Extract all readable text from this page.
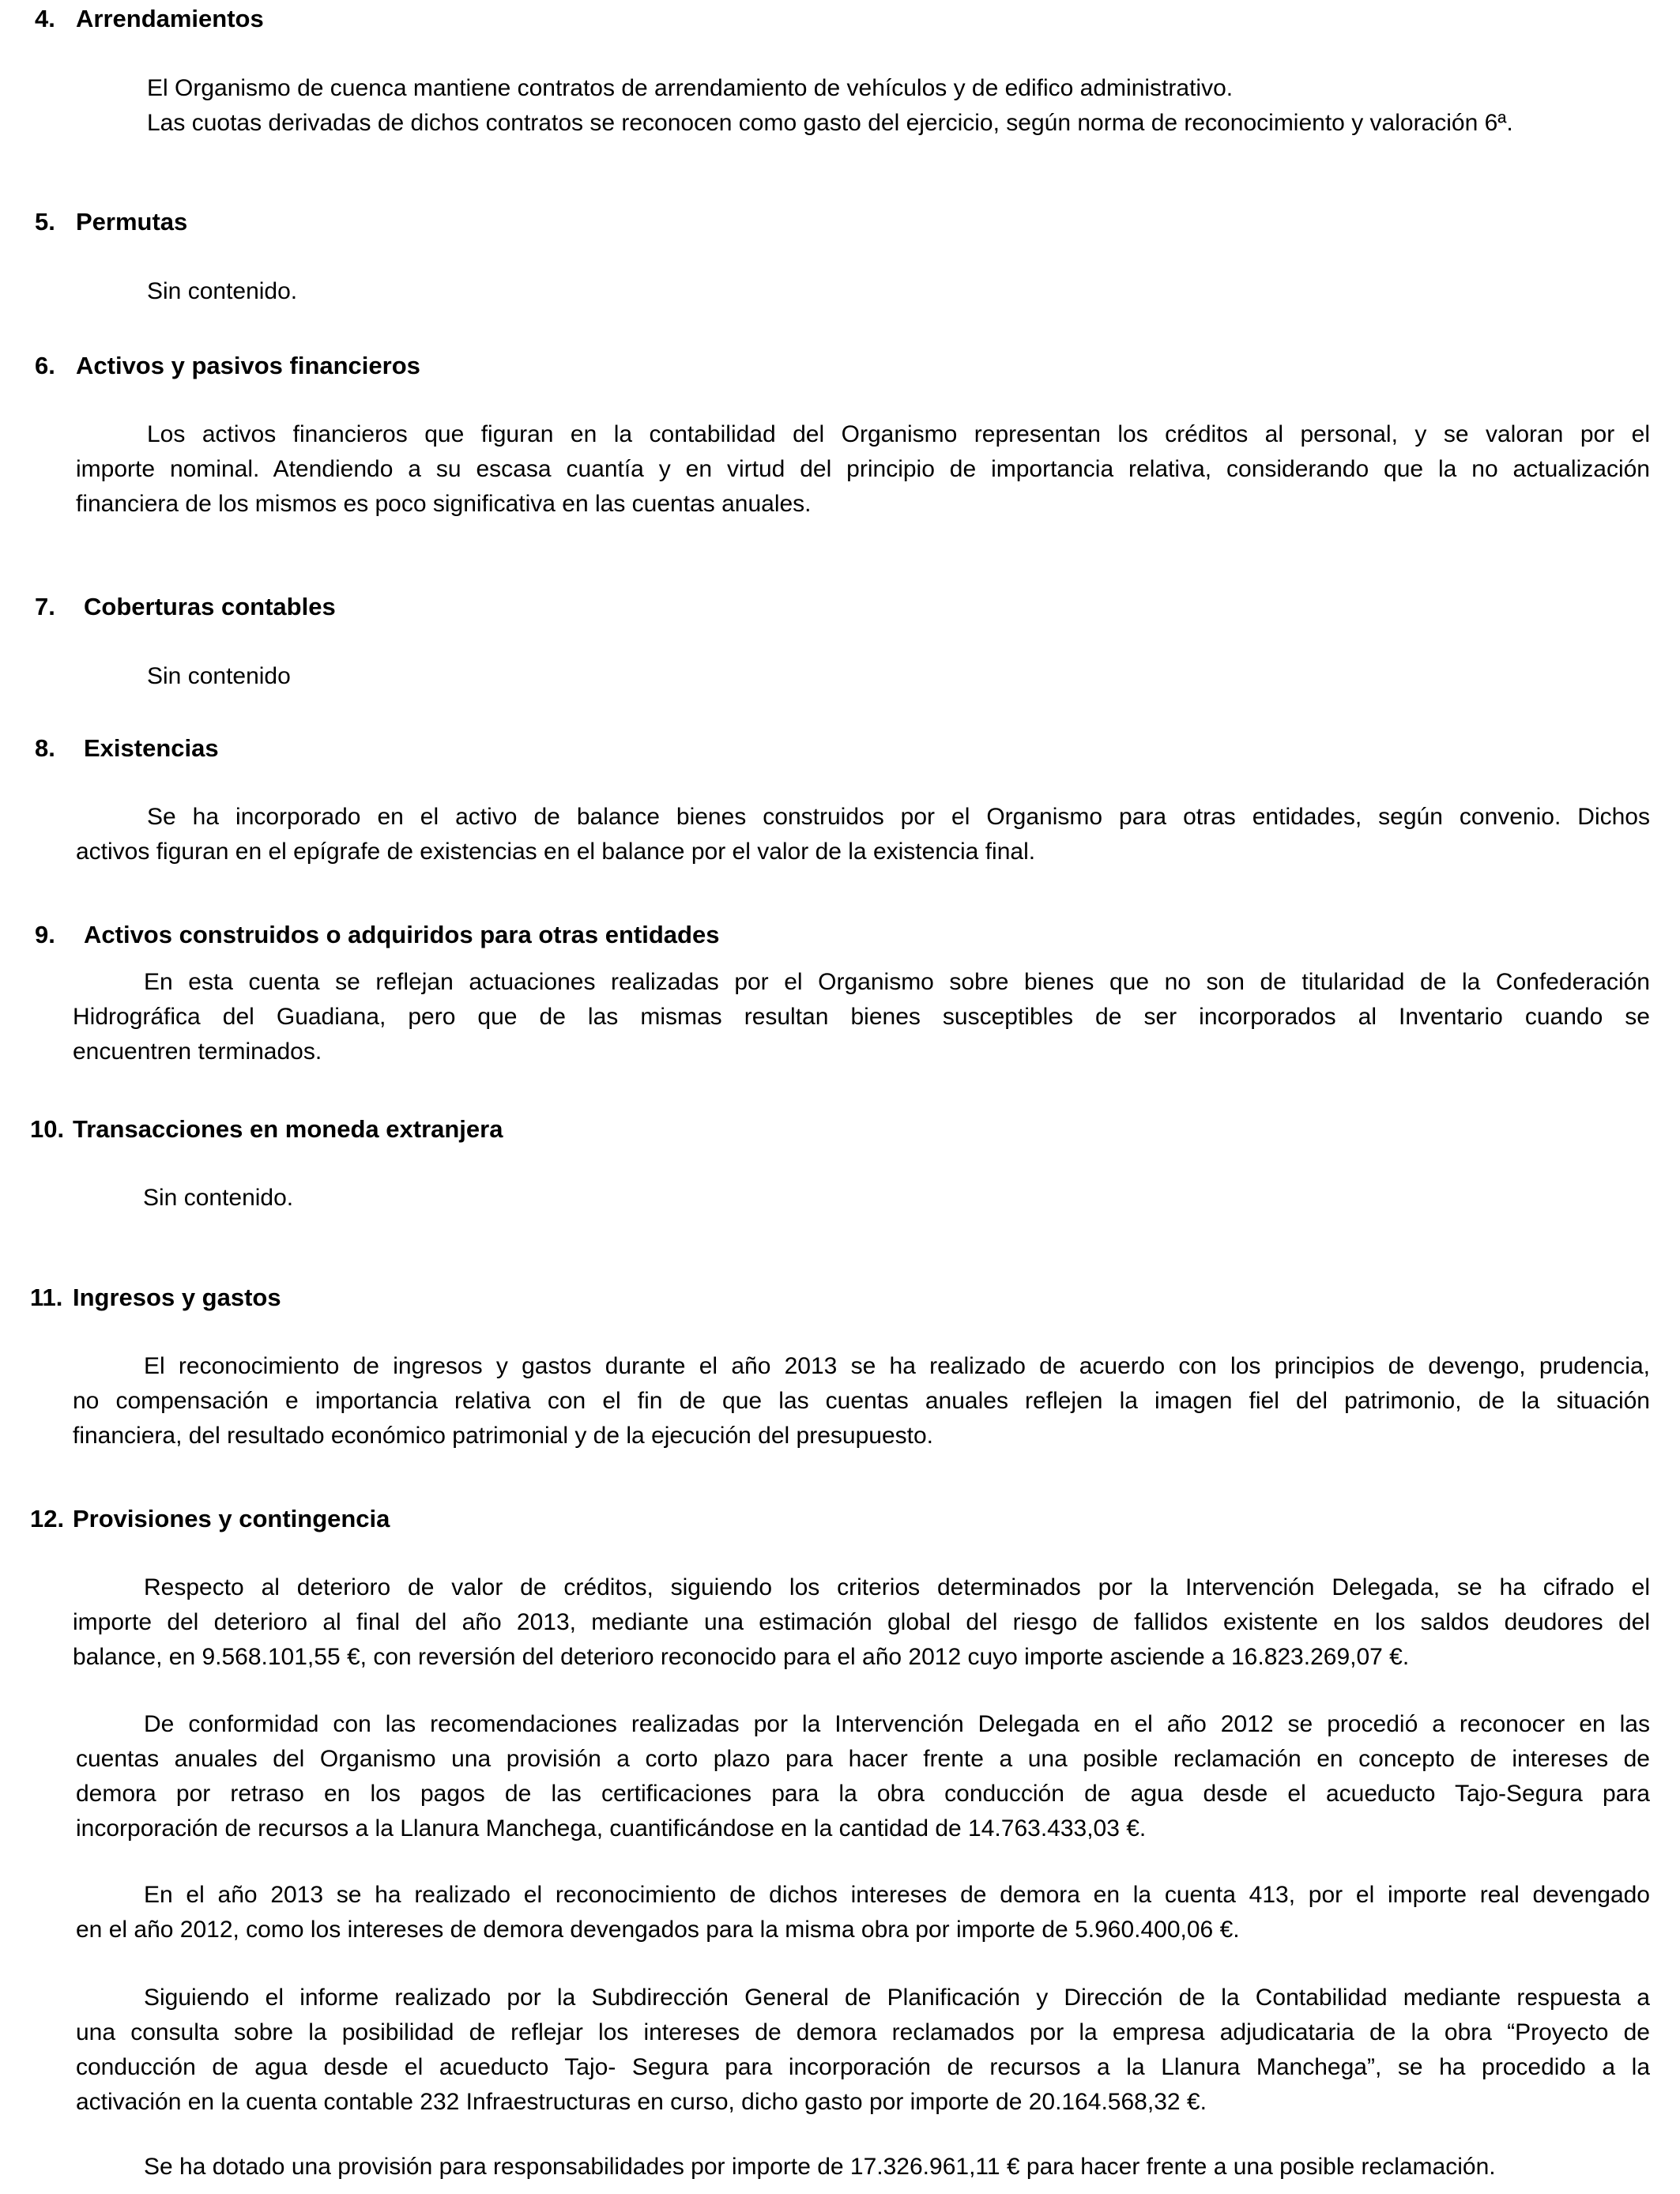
4. Arrendamientos
El Organismo de cuenca mantiene contratos de arrendamiento de vehículos y de edifico administrativo.
Las cuotas derivadas de dichos contratos se reconocen como gasto del ejercicio, según norma de reconocimiento y valoración 6ª.
5. Permutas
Sin contenido.
6. Activos y pasivos financieros
Los activos financieros que figuran en la contabilidad del Organismo representan los créditos al personal, y se valoran por el
importe nominal. Atendiendo a su escasa cuantía y en virtud del principio de importancia relativa, considerando que la no actualización
financiera de los mismos es poco significativa en las cuentas anuales.
7. Coberturas contables
Sin contenido
8. Existencias
Se ha incorporado en el activo de balance bienes construidos por el Organismo para otras entidades, según convenio. Dichos
activos figuran en el epígrafe de existencias en el balance por el valor de la existencia final.
9. Activos construidos o adquiridos para otras entidades
En esta cuenta se reflejan actuaciones realizadas por el Organismo sobre bienes que no son de titularidad de la Confederación
Hidrográfica del Guadiana, pero que de las mismas resultan bienes susceptibles de ser incorporados al Inventario cuando se
encuentren terminados.
10. Transacciones en moneda extranjera
Sin contenido.
11. Ingresos y gastos
El reconocimiento de ingresos y gastos durante el año 2013 se ha realizado de acuerdo con los principios de devengo, prudencia,
no compensación e importancia relativa con el fin de que las cuentas anuales reflejen la imagen fiel del patrimonio, de la situación
financiera, del resultado económico patrimonial y de la ejecución del presupuesto.
12. Provisiones y contingencia
Respecto al deterioro de valor de créditos, siguiendo los criterios determinados por la Intervención Delegada, se ha cifrado el
importe del deterioro al final del año 2013, mediante una estimación global del riesgo de fallidos existente en los saldos deudores del
balance, en 9.568.101,55 €, con reversión del deterioro reconocido para el año 2012 cuyo importe asciende a 16.823.269,07 €.
De conformidad con las recomendaciones realizadas por la Intervención Delegada en el año 2012 se procedió a reconocer en las
cuentas anuales del Organismo una provisión a corto plazo para hacer frente a una posible reclamación en concepto de intereses de
demora por retraso en los pagos de las certificaciones para la obra conducción de agua desde el acueducto Tajo-Segura para
incorporación de recursos a la Llanura Manchega, cuantificándose en la cantidad de 14.763.433,03 €.
En el año 2013 se ha realizado el reconocimiento de dichos intereses de demora en la cuenta 413, por el importe real devengado
en el año 2012, como los intereses de demora devengados para la misma obra por importe de 5.960.400,06 €.
Siguiendo el informe realizado por la Subdirección General de Planificación y Dirección de la Contabilidad mediante respuesta a
una consulta sobre la posibilidad de reflejar los intereses de demora reclamados por la empresa adjudicataria de la obra “Proyecto de
conducción de agua desde el acueducto Tajo- Segura para incorporación de recursos a la Llanura Manchega”, se ha procedido a la
activación en la cuenta contable 232 Infraestructuras en curso, dicho gasto por importe de 20.164.568,32 €.
Se ha dotado una provisión para responsabilidades por importe de 17.326.961,11 € para hacer frente a una posible reclamación.
